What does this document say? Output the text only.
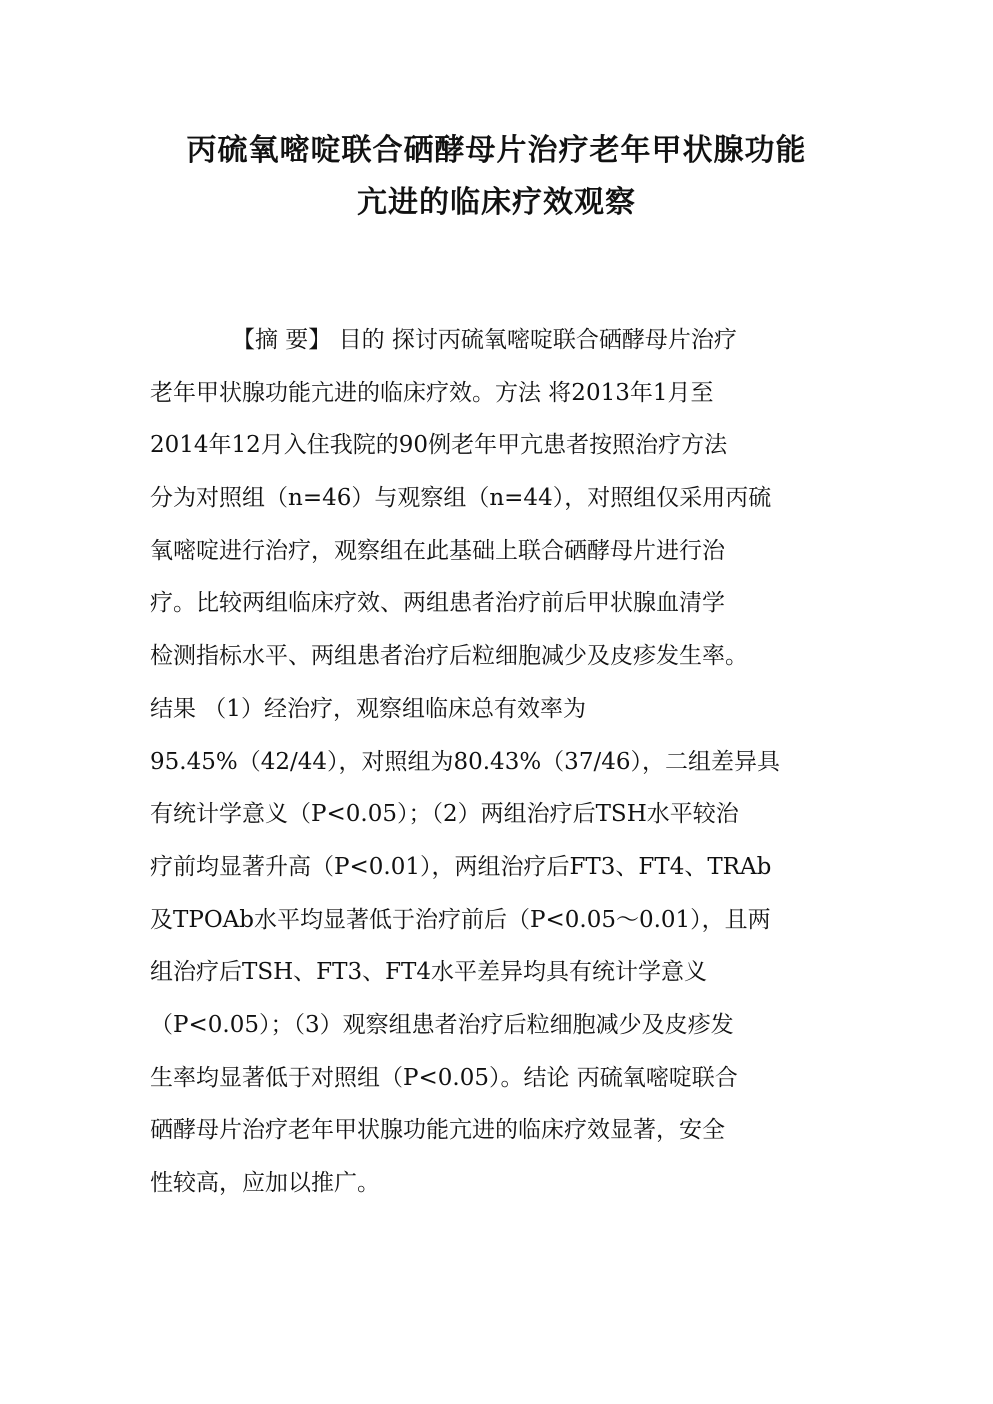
丙硫氧嘧啶联合硒酵母片治疗老年甲状腺功能
亢进的临床疗效观察
【摘 要】 目的 探讨丙硫氧嘧啶联合硒酵母片治疗
老年甲状腺功能亢进的临床疗效。方法 将2013年1月至
2014年12月入住我院的90例老年甲亢患者按照治疗方法
分为对照组（n=46）与观察组（n=44），对照组仅采用丙硫
氧嘧啶进行治疗，观察组在此基础上联合硒酵母片进行治
疗。比较两组临床疗效、两组患者治疗前后甲状腺血清学
检测指标水平、两组患者治疗后粒细胞减少及皮疹发生率。
结果 （1）经治疗，观察组临床总有效率为
95.45%（42/44），对照组为80.43%（37/46），二组差异具
有统计学意义（P<0.05）；（2）两组治疗后TSH水平较治
疗前均显著升高（P<0.01），两组治疗后FT3、FT4、TRAb
及TPOAb水平均显著低于治疗前后（P<0.05～0.01），且两
组治疗后TSH、FT3、FT4水平差异均具有统计学意义
（P<0.05）；（3）观察组患者治疗后粒细胞减少及皮疹发
生率均显著低于对照组（P<0.05）。结论 丙硫氧嘧啶联合
硒酵母片治疗老年甲状腺功能亢进的临床疗效显著，安全
性较高，应加以推广。
